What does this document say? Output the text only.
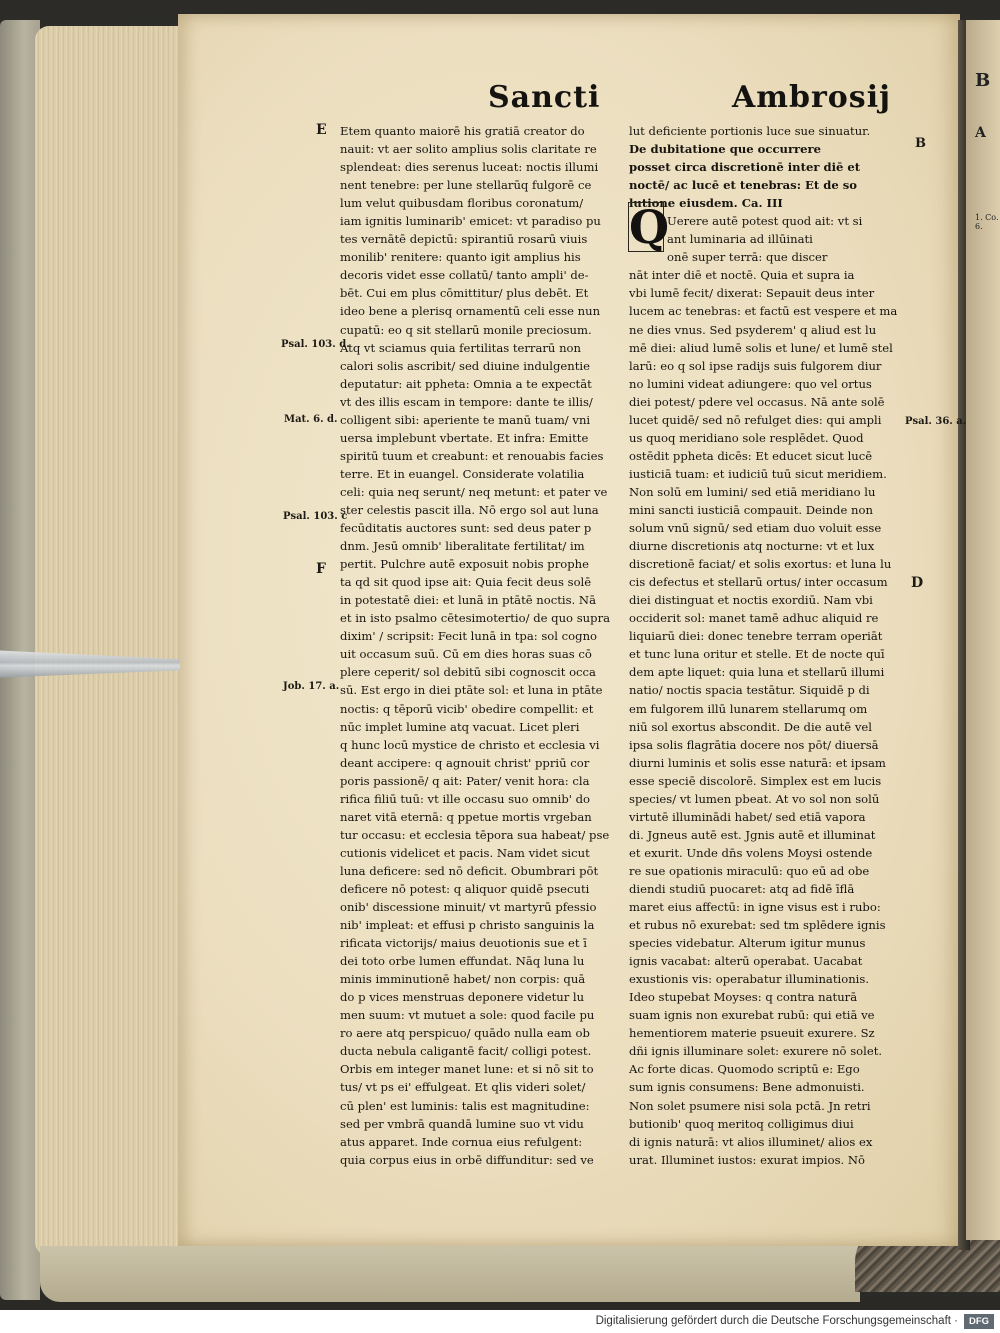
B
A
1. Co. 6.
Sancti	Ambrosij
B
E
Psal. 103. d.
Mat. 6. d.
Psal. 103. c
F
Job. 17. a.
Psal. 36. a.
D
Etem quanto maiorē his gratiā creator do
nauit: vt aer solito amplius solis claritate re
splendeat: dies serenus luceat: noctis illumi
nent tenebre: per lune stellarūq fulgorē ce
lum velut quibusdam floribus coronatum/
iam ignitis luminarib' emicet: vt paradiso pu
tes vernātē depictū: spirantiū rosarū viuis
monilib' renitere: quanto igit amplius his
decoris videt esse collatū/ tanto ampli' de-
bēt. Cui em plus cōmittitur/ plus debēt. Et
ideo bene a plerisq ornamentū celi esse nun
cupatū: eo q sit stellarū monile preciosum.
Atq vt sciamus quia fertilitas terrarū non
calori solis ascribit/ sed diuine indulgentie
deputatur: ait ppheta: Omnia a te expectāt
vt des illis escam in tempore: dante te illis/
colligent sibi: aperiente te manū tuam/ vni
uersa implebunt vbertate. Et infra: Emitte
spiritū tuum et creabunt: et renouabis facies
terre. Et in euangel. Considerate volatilia
celi: quia neq serunt/ neq metunt: et pater ve
ster celestis pascit illa. Nō ergo sol aut luna
fecūditatis auctores sunt: sed deus pater p
dnm. Jesū omnib' liberalitate fertilitat/ im
pertit. Pulchre autē exposuit nobis prophe
ta qd sit quod ipse ait: Quia fecit deus solē
in potestatē diei: et lunā in ptātē noctis. Nā
et in isto psalmo cētesimotertio/ de quo supra
dixim' / scripsit: Fecit lunā in tpa: sol cogno
uit occasum suū. Cū em dies horas suas cō
plere ceperit/ sol debitū sibi cognoscit occa
sū. Est ergo in diei ptāte sol: et luna in ptāte
noctis: q tēporū vicib' obedire compellit: et
nūc implet lumine atq vacuat. Licet pleri
q hunc locū mystice de christo et ecclesia vi
deant accipere: q agnouit christ' ppriū cor
poris passionē/ q ait: Pater/ venit hora: cla
rifica filiū tuū: vt ille occasu suo omnib' do
naret vitā eternā: q ppetue mortis vrgeban
tur occasu: et ecclesia tēpora sua habeat/ pse
cutionis videlicet et pacis. Nam videt sicut
luna deficere: sed nō deficit. Obumbrari pōt
deficere nō potest: q aliquor quidē psecuti
onib' discessione minuit/ vt martyrū pfessio
nib' impleat: et effusi p christo sanguinis la
rificata victorijs/ maius deuotionis sue et ī
dei toto orbe lumen effundat. Nāq luna lu
minis imminutionē habet/ non corpis: quā
do p vices menstruas deponere videtur lu
men suum: vt mutuet a sole: quod facile pu
ro aere atq perspicuo/ quādo nulla eam ob
ducta nebula caligantē facit/ colligi potest.
Orbis em integer manet lune: et si nō sit to
tus/ vt ps ei' effulgeat. Et qlis videri solet/
cū plen' est luminis: talis est magnitudine:
sed per vmbrā quandā lumine suo vt vidu
atus apparet. Inde cornua eius refulgent:
quia corpus eius in orbē diffunditur: sed ve
lut deficiente portionis luce sue sinuatur.
De dubitatione que occurrere
posset circa discretionē inter diē et
noctē/ ac lucē et tenebras: Et de so
lutione eiusdem. Ca. III
Uerere autē potest quod ait: vt si
ant luminaria ad illūinati
onē super terrā: que discer
nāt inter diē et noctē. Quia et supra ia
vbi lumē fecit/ dixerat: Sepauit deus inter
lucem ac tenebras: et factū est vespere et ma
ne dies vnus. Sed psyderem' q aliud est lu
mē diei: aliud lumē solis et lune/ et lumē stel
larū: eo q sol ipse radijs suis fulgorem diur
no lumini videat adiungere: quo vel ortus
diei potest/ pdere vel occasus. Nā ante solē
lucet quidē/ sed nō refulget dies: qui ampli
us quoq meridiano sole resplēdet. Quod
ostēdit ppheta dicēs: Et educet sicut lucē
iusticiā tuam: et iudiciū tuū sicut meridiem.
Non solū em lumini/ sed etiā meridiano lu
mini sancti iusticiā compauit. Deinde non
solum vnū signū/ sed etiam duo voluit esse
diurne discretionis atq nocturne: vt et lux
discretionē faciat/ et solis exortus: et luna lu
cis defectus et stellarū ortus/ inter occasum
diei distinguat et noctis exordiū. Nam vbi
occiderit sol: manet tamē adhuc aliquid re
liquiarū diei: donec tenebre terram operiāt
et tunc luna oritur et stelle. Et de nocte quī
dem apte liquet: quia luna et stellarū illumi
natio/ noctis spacia testātur. Siquidē p di
em fulgorem illū lunarem stellarumq om
niū sol exortus abscondit. De die autē vel
ipsa solis flagrātia docere nos pōt/ diuersā
diurni luminis et solis esse naturā: et ipsam
esse speciē discolorē. Simplex est em lucis
species/ vt lumen pbeat. At vo sol non solū
virtutē illuminādi habet/ sed etiā vapora
di. Jgneus autē est. Jgnis autē et illuminat
et exurit. Unde dn̄s volens Moysi ostende
re sue opationis miraculū: quo eū ad obe
diendi studiū puocaret: atq ad fidē īflā
maret eius affectū: in igne visus est i rubo:
et rubus nō exurebat: sed tm splēdere ignis
species videbatur. Alterum igitur munus
ignis vacabat: alterū operabat. Uacabat
exustionis vis: operabatur illuminationis.
Ideo stupebat Moyses: q contra naturā
suam ignis non exurebat rubū: qui etiā ve
hementiorem materie psueuit exurere. Sz
dñi ignis illuminare solet: exurere nō solet.
Ac forte dicas. Quomodo scriptū e: Ego
sum ignis consumens: Bene admonuisti.
Non solet psumere nisi sola pctā. Jn retri
butionib' quoq meritoq colligimus diui
di ignis naturā: vt alios illuminet/ alios ex
urat. Illuminet iustos: exurat impios. Nō
Q
Digitalisierung gefördert durch die Deutsche Forschungsgemeinschaft ·	DFG
